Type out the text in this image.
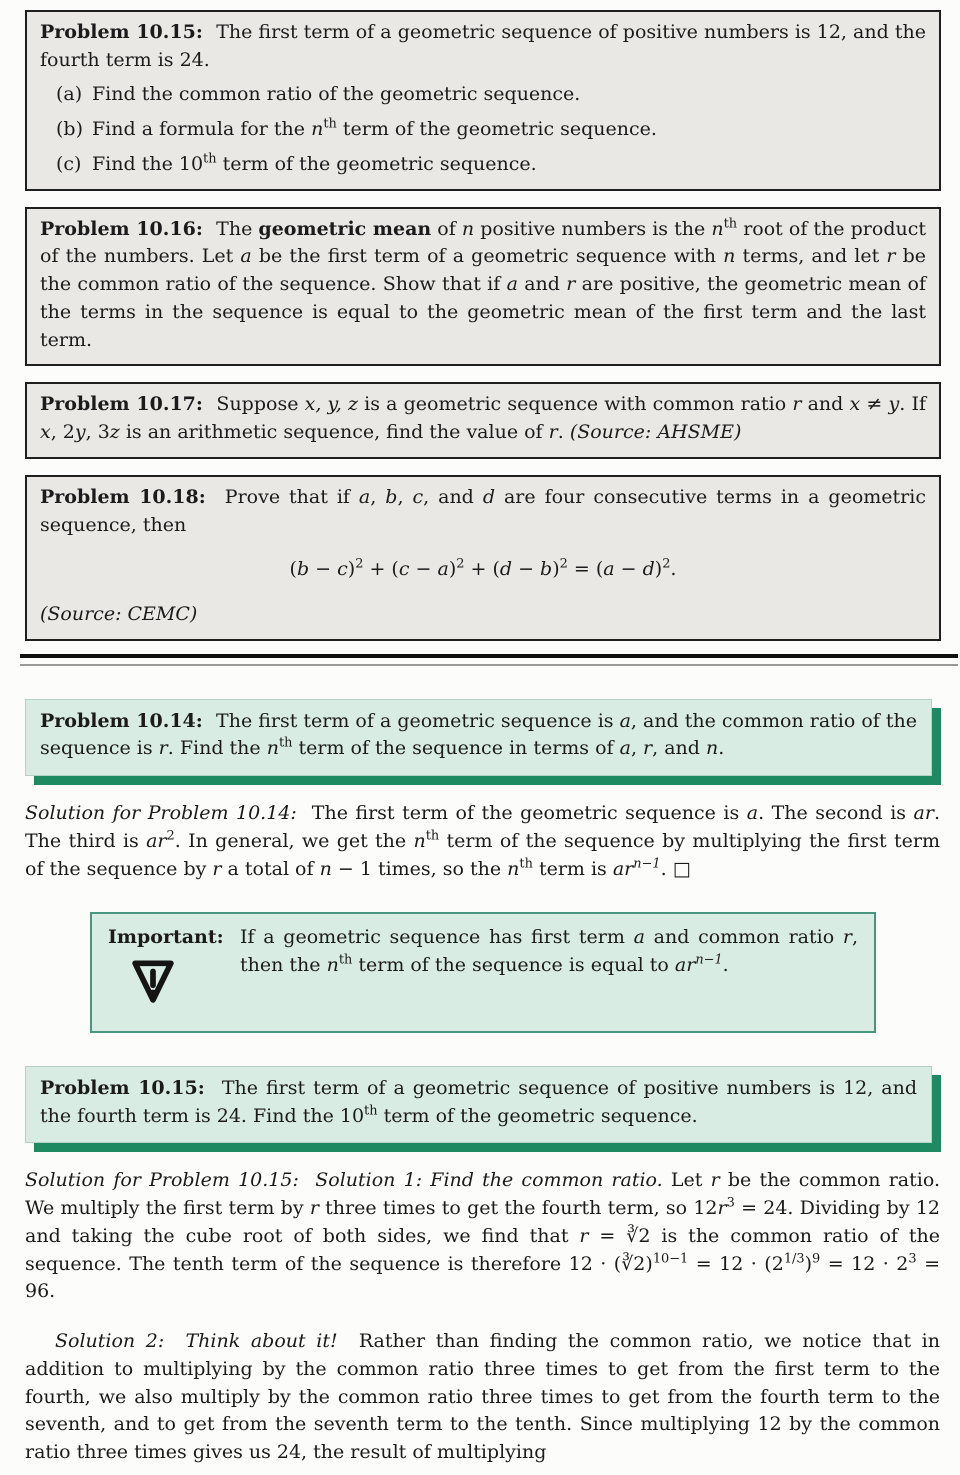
Problem 10.15:  The first term of a geometric sequence of positive numbers is 12, and the fourth term is 24.
(a) Find the common ratio of the geometric sequence.
(b) Find a formula for the $n^{th}$ term of the geometric sequence.
(c) Find the 10th term of the geometric sequence.
Problem 10.16:  The geometric mean of n positive numbers is the $n^{th}$ root of the product of the numbers. Let a be the first term of a geometric sequence with n terms, and let r be the common ratio of the sequence. Show that if a and r are positive, the geometric mean of the terms in the sequence is equal to the geometric mean of the first term and the last term.
Problem 10.17:  Suppose x, y, z is a geometric sequence with common ratio r and x ≠ y. If x, 2y, 3z is an arithmetic sequence, find the value of r. (Source: AHSME)
Problem 10.18:  Prove that if a, b, c, and d are four consecutive terms in a geometric sequence, then
$(b - c)^2 + (c - a)^2 + (d - b)^2 = (a - d)^2$.
(Source: CEMC)
Problem 10.14:  The first term of a geometric sequence is a, and the common ratio of the sequence is r. Find the $n^{th}$ term of the sequence in terms of a, r, and n.
Solution for Problem 10.14:  The first term of the geometric sequence is a. The second is ar. The third is $ar^2$. In general, we get the $n^{th}$ term of the sequence by multiplying the first term of the sequence by r a total of n − 1 times, so the $n^{th}$ term is $ar^{n-1}$. □
Important: If a geometric sequence has first term a and common ratio r, then the $n^{th}$ term of the sequence is equal to $ar^{n-1}$.
Problem 10.15:  The first term of a geometric sequence of positive numbers is 12, and the fourth term is 24. Find the 10th term of the geometric sequence.
Solution for Problem 10.15:  Solution 1: Find the common ratio. Let r be the common ratio. We multiply the first term by r three times to get the fourth term, so $12r^3 = 24$. Dividing by 12 and taking the cube root of both sides, we find that r = ∛2 is the common ratio of the sequence. The tenth term of the sequence is therefore 12 · (∛2)$^{10-1}$ = $12 \cdot (2^{1/3})^9 = 12 \cdot 2^3 = 96$.
Solution 2:  Think about it!  Rather than finding the common ratio, we notice that in addition to multiplying by the common ratio three times to get from the first term to the fourth, we also multiply by the common ratio three times to get from the fourth term to the seventh, and to get from the seventh term to the tenth. Since multiplying 12 by the common ratio three times gives us 24, the result of multiplying
